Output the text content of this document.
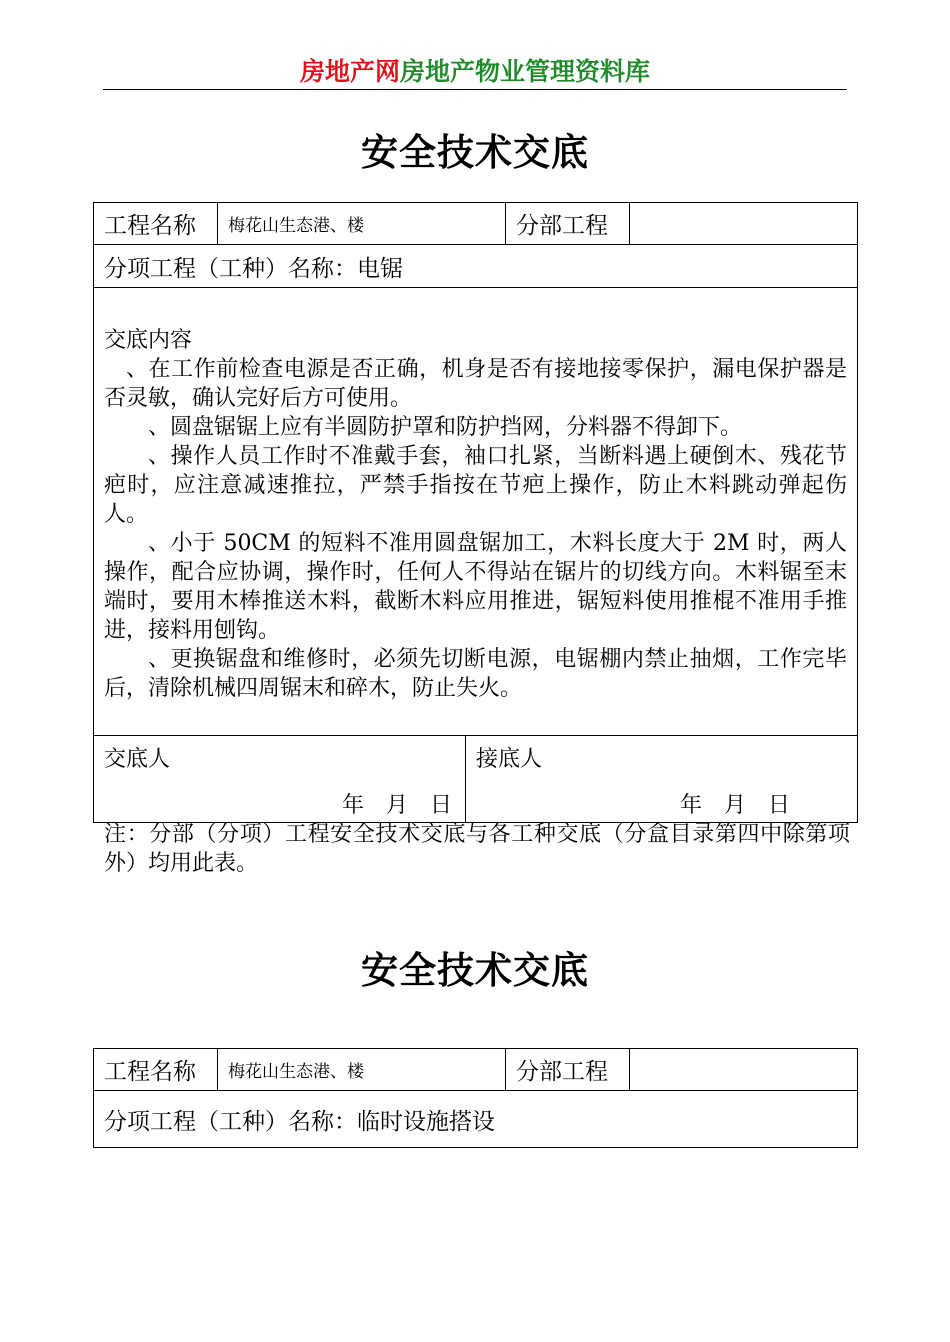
房地产网房地产物业管理资料库
安全技术交底
工程名称	梅花山生态港、楼	分部工程
分项工程（工种）名称：电锯

交底内容

、在工作前检查电源是否正确，机身是否有接地接零保护，漏电保护器是否灵敏，确认完好后方可使用。

、圆盘锯锯上应有半圆防护罩和防护挡网，分料器不得卸下。

、操作人员工作时不准戴手套，袖口扎紧，当断料遇上硬倒木、残花节疤时，应注意减速推拉，严禁手指按在节疤上操作，防止木料跳动弹起伤人。

、小于 50CM 的短料不准用圆盘锯加工，木料长度大于 2M 时，两人操作，配合应协调，操作时，任何人不得站在锯片的切线方向。木料锯至末端时，要用木棒推送木料，截断木料应用推进，锯短料使用推棍不准用手推进，接料用刨钩。

、更换锯盘和维修时，必须先切断电源，电锯棚内禁止抽烟，工作完毕后，清除机械四周锯末和碎木，防止失火。

交底人
年　月　日
接底人
年　月　日
注：分部（分项）工程安全技术交底与各工种交底（分盒目录第四中除第项外）均用此表。
安全技术交底
工程名称	梅花山生态港、楼	分部工程
分项工程（工种）名称：临时设施搭设
